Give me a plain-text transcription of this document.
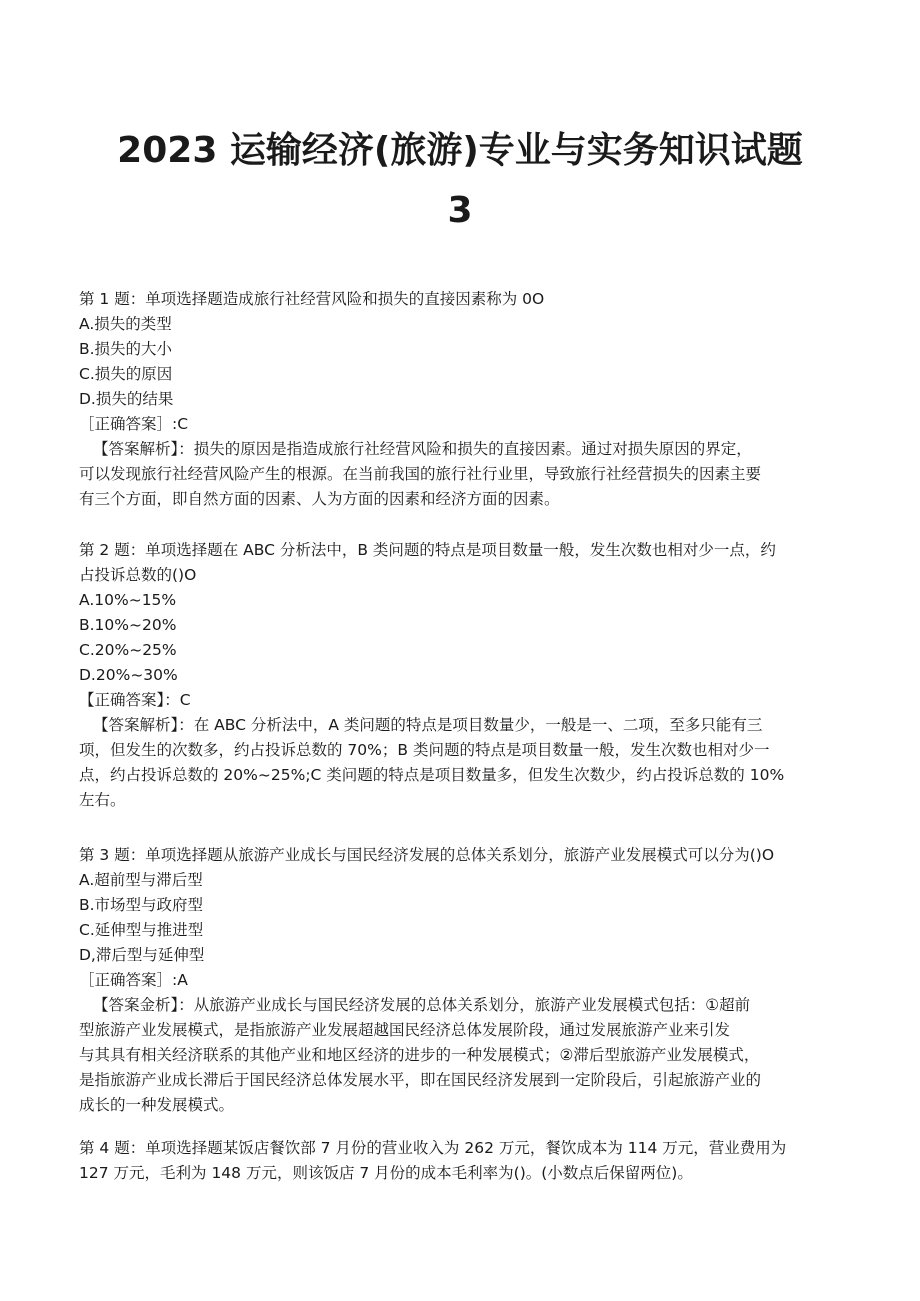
2023 运输经济(旅游)专业与实务知识试题
3
第 1 题：单项选择题造成旅行社经营风险和损失的直接因素称为 0O
A.损失的类型
B.损失的大小
C.损失的原因
D.损失的结果
［正确答案］:C
【答案解析】：损失的原因是指造成旅行社经营风险和损失的直接因素。通过对损失原因的界定，
可以发现旅行社经营风险产生的根源。在当前我国的旅行社行业里，导致旅行社经营损失的因素主要
有三个方面，即自然方面的因素、人为方面的因素和经济方面的因素。
第 2 题：单项选择题在 ABC 分析法中，B 类问题的特点是项目数量一般，发生次数也相对少一点，约
占投诉总数的()O
A.10%~15%
B.10%~20%
C.20%~25%
D.20%~30%
【正确答案】：C
【答案解析】：在 ABC 分析法中，A 类问题的特点是项目数量少，一般是一、二项，至多只能有三
项，但发生的次数多，约占投诉总数的 70%；B 类问题的特点是项目数量一般，发生次数也相对少一
点，约占投诉总数的 20%~25%;C 类问题的特点是项目数量多，但发生次数少，约占投诉总数的 10%
左右。
第 3 题：单项选择题从旅游产业成长与国民经济发展的总体关系划分，旅游产业发展模式可以分为()O
A.超前型与滞后型
B.市场型与政府型
C.延伸型与推进型
D,滞后型与延伸型
［正确答案］:A
【答案金析】：从旅游产业成长与国民经济发展的总体关系划分，旅游产业发展模式包括：①超前
型旅游产业发展模式，是指旅游产业发展超越国民经济总体发展阶段，通过发展旅游产业来引发
与其具有相关经济联系的其他产业和地区经济的进步的一种发展模式；②滞后型旅游产业发展模式，
是指旅游产业成长滞后于国民经济总体发展水平，即在国民经济发展到一定阶段后，引起旅游产业的
成长的一种发展模式。
第 4 题：单项选择题某饭店餐饮部 7 月份的营业收入为 262 万元，餐饮成本为 114 万元，营业费用为
127 万元，毛利为 148 万元，则该饭店 7 月份的成本毛利率为()。(小数点后保留两位)。
